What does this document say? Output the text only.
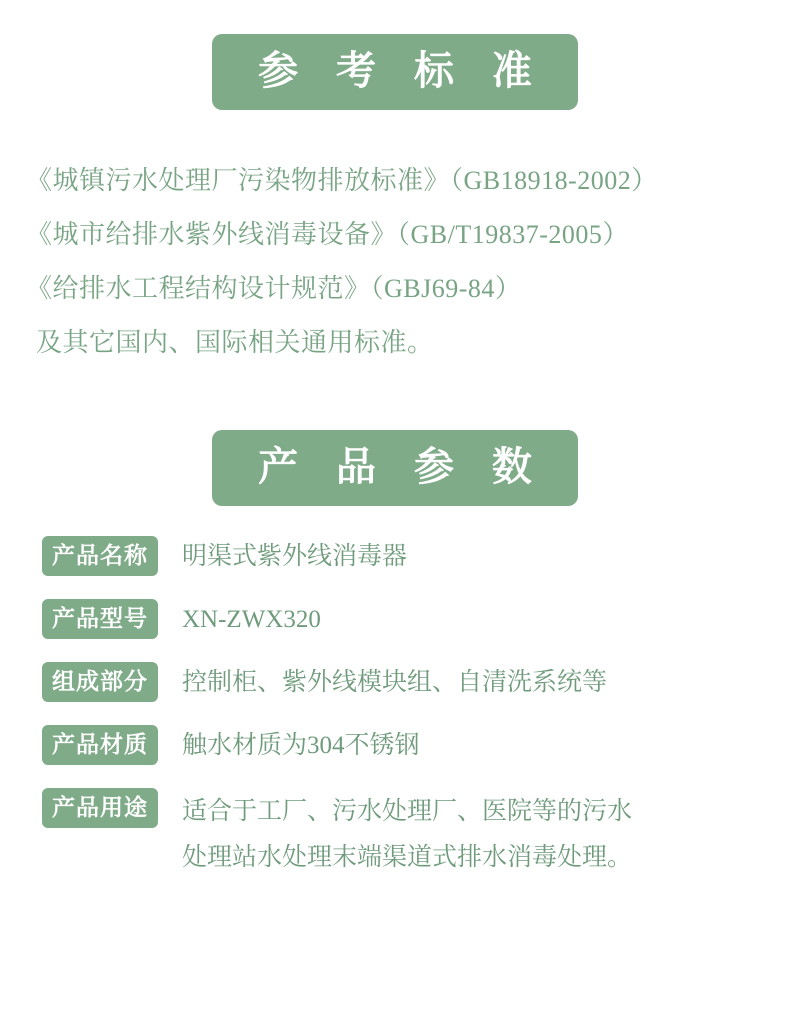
参 考 标 准
《城镇污水处理厂污染物排放标准》（GB18918-2002）
《城市给排水紫外线消毒设备》（GB/T19837-2005）
《给排水工程结构设计规范》（GBJ69-84）
及其它国内、国际相关通用标准。
产 品 参 数
产品名称	明渠式紫外线消毒器
产品型号	XN-ZWX320
组成部分	控制柜、紫外线模块组、自清洗系统等
产品材质	触水材质为304不锈钢
产品用途	适合于工厂、污水处理厂、医院等的污水
处理站水处理末端渠道式排水消毒处理。
